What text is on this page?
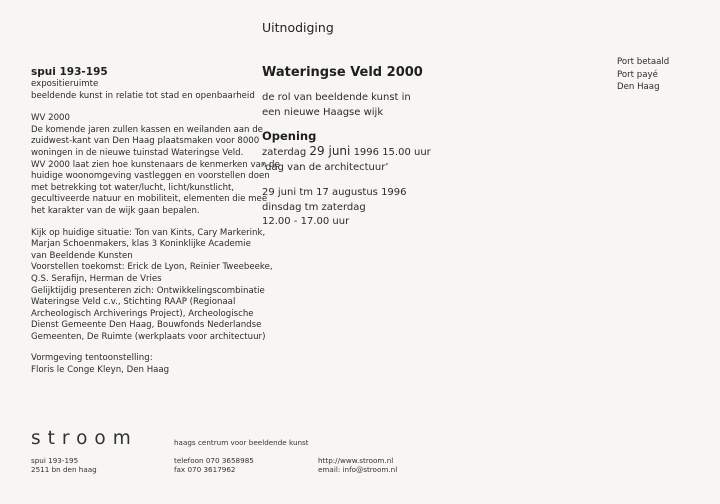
Uitnodiging
Port betaald
Port payé
Den Haag
spui 193-195
expositieruimte
beeldende kunst in relatie tot stad en openbaarheid
WV 2000
De komende jaren zullen kassen en weilanden aan de
zuidwest-kant van Den Haag plaatsmaken voor 8000
woningen in de nieuwe tuinstad Wateringse Veld.
WV 2000 laat zien hoe kunstenaars de kenmerken van de
huidige woonomgeving vastleggen en voorstellen doen
met betrekking tot water/lucht, licht/kunstlicht,
gecultiveerde natuur en mobiliteit, elementen die mee
het karakter van de wijk gaan bepalen.
Kijk op huidige situatie: Ton van Kints, Cary Markerink,
Marjan Schoenmakers, klas 3 Koninklijke Academie
van Beeldende Kunsten
Voorstellen toekomst: Erick de Lyon, Reinier Tweebeeke,
Q.S. Serafijn, Herman de Vries
Gelijktijdig presenteren zich: Ontwikkelingscombinatie
Wateringse Veld c.v., Stichting RAAP (Regionaal
Archeologisch Archiverings Project), Archeologische
Dienst Gemeente Den Haag, Bouwfonds Nederlandse
Gemeenten, De Ruimte (werkplaats voor architectuur)
Vormgeving tentoonstelling:
Floris le Conge Kleyn, Den Haag
Wateringse Veld 2000
de rol van beeldende kunst in
een nieuwe Haagse wijk
Opening
zaterdag 29 juni 1996 15.00 uur
‘dag van de architectuur’
29 juni tm 17 augustus 1996
dinsdag tm zaterdag
12.00 - 17.00 uur
stroom	haags centrum voor beeldende kunst
spui 193-195
2511 bn den haag
telefoon 070 3658985
fax 070 3617962
http://www.stroom.nl
email: info@stroom.nl
